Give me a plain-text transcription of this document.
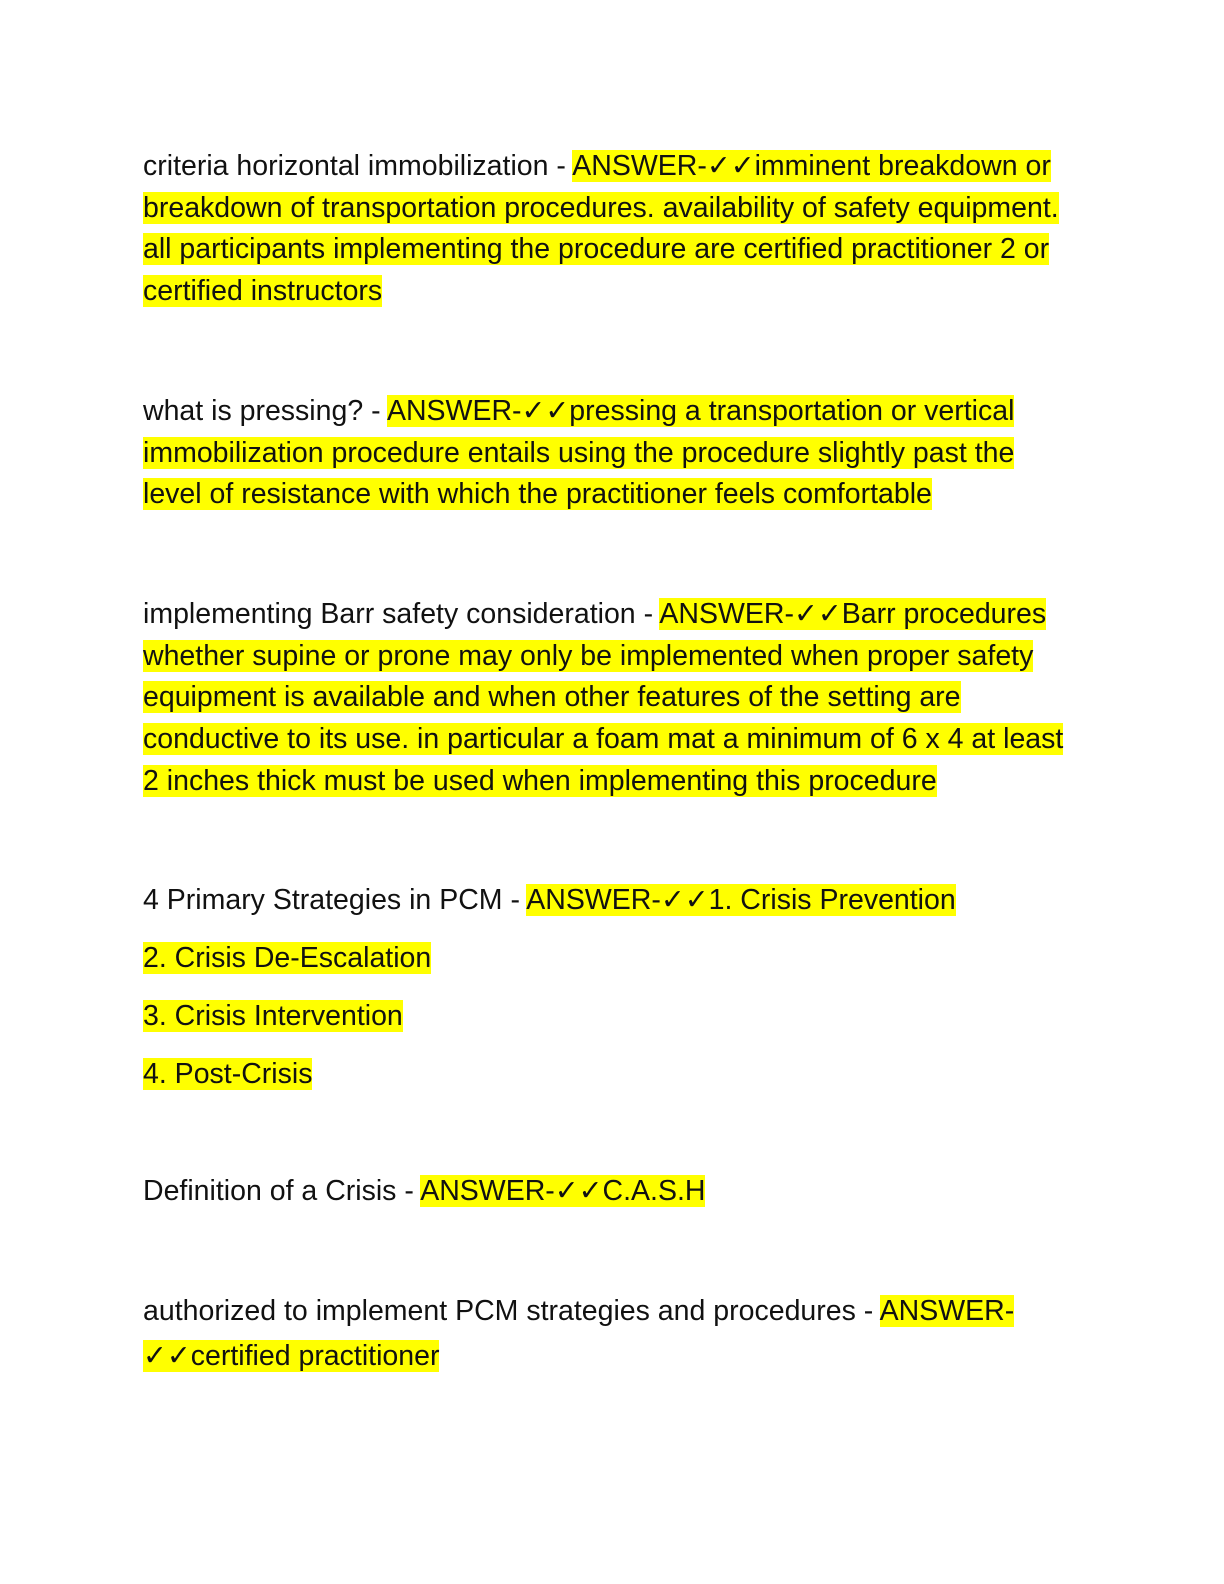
criteria horizontal immobilization - ANSWER-✓✓imminent breakdown or breakdown of transportation procedures. availability of safety equipment. all participants implementing the procedure are certified practitioner 2 or certified instructors

what is pressing? - ANSWER-✓✓pressing a transportation or vertical immobilization procedure entails using the procedure slightly past the level of resistance with which the practitioner feels comfortable

implementing Barr safety consideration - ANSWER-✓✓Barr procedures whether supine or prone may only be implemented when proper safety equipment is available and when other features of the setting are conductive to its use. in particular a foam mat a minimum of 6 x 4 at least 2 inches thick must be used when implementing this procedure

4 Primary Strategies in PCM - ANSWER-✓✓1. Crisis Prevention

2. Crisis De-Escalation

3. Crisis Intervention

4. Post-Crisis

Definition of a Crisis - ANSWER-✓✓C.A.S.H

authorized to implement PCM strategies and procedures - ANSWER-✓✓certified practitioner
